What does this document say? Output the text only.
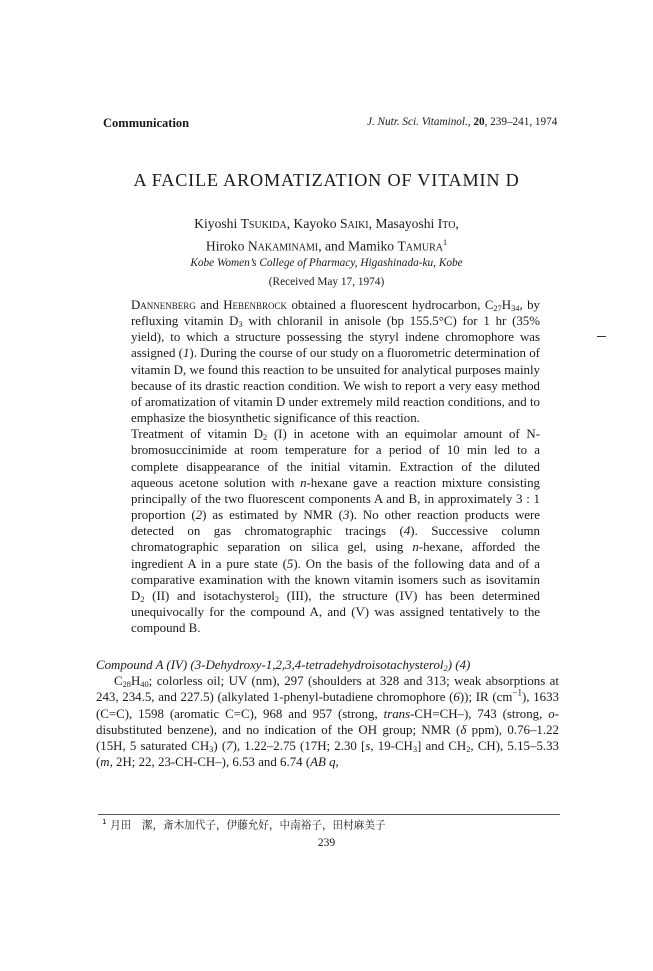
Communication	J. Nutr. Sci. Vitaminol., 20, 239–241, 1974
A FACILE AROMATIZATION OF VITAMIN D
Kiyoshi Tsukida, Kayoko Saiki, Masayoshi Ito,
Hiroko Nakaminami, and Mamiko Tamura$^1$
Kobe Women’s College of Pharmacy, Higashinada-ku, Kobe
(Received May 17, 1974)

Dannenberg and Hebenbrock obtained a fluorescent hydrocarbon, $C_{27}H_{34}$, by refluxing vitamin $D_3$ with chloranil in anisole (bp 155.5°C) for 1 hr (35% yield), to which a structure possessing the styryl indene chromophore was assigned (1). During the course of our study on a fluorometric determination of vitamin D, we found this reaction to be unsuited for analytical purposes mainly because of its drastic reaction condition. We wish to report a very easy method of aromatization of vitamin D under extremely mild reaction conditions, and to emphasize the biosynthetic significance of this reaction.

Treatment of vitamin $D_2$ (I) in acetone with an equimolar amount of N-bromosuccinimide at room temperature for a period of 10 min led to a complete disappearance of the initial vitamin. Extraction of the diluted aqueous acetone solution with n-hexane gave a reaction mixture consisting principally of the two fluorescent components A and B, in approximately 3 : 1 proportion (2) as estimated by NMR (3). No other reaction products were detected on gas chromatographic tracings (4). Successive column chromatographic separation on silica gel, using n-hexane, afforded the ingredient A in a pure state (5). On the basis of the following data and of a comparative examination with the known vitamin isomers such as isovitamin $D_2$ (II) and isotachysterol$_2$ (III), the structure (IV) has been determined unequivocally for the compound A, and (V) was assigned tentatively to the compound B.

Compound A (IV) (3-Dehydroxy-1,2,3,4-tetradehydroisotachysterol$_2$) (4)

$C_{28}H_{40}$; colorless oil; UV (nm), 297 (shoulders at 328 and 313; weak absorptions at 243, 234.5, and 227.5) (alkylated 1-phenyl-butadiene chromophore (6)); IR $(cm^{-1})$, 1633 (C=C), 1598 (aromatic C=C), 968 and 957 (strong, trans-CH=CH–), 743 (strong, o-disubstituted benzene), and no indication of the OH group; NMR (δ ppm), 0.76–1.22 (15H, 5 saturated $CH_3$) (7), 1.22–2.75 (17H; 2.30 [s, $19-CH_3$] and $CH_2$, CH), 5.15–5.33 (m, 2H; 22, 23-CH-CH–), 6.53 and 6.74 (AB q,

$^1$ 月田　潔，斎木加代子，伊藤允好，中南裕子，田村麻美子
239
